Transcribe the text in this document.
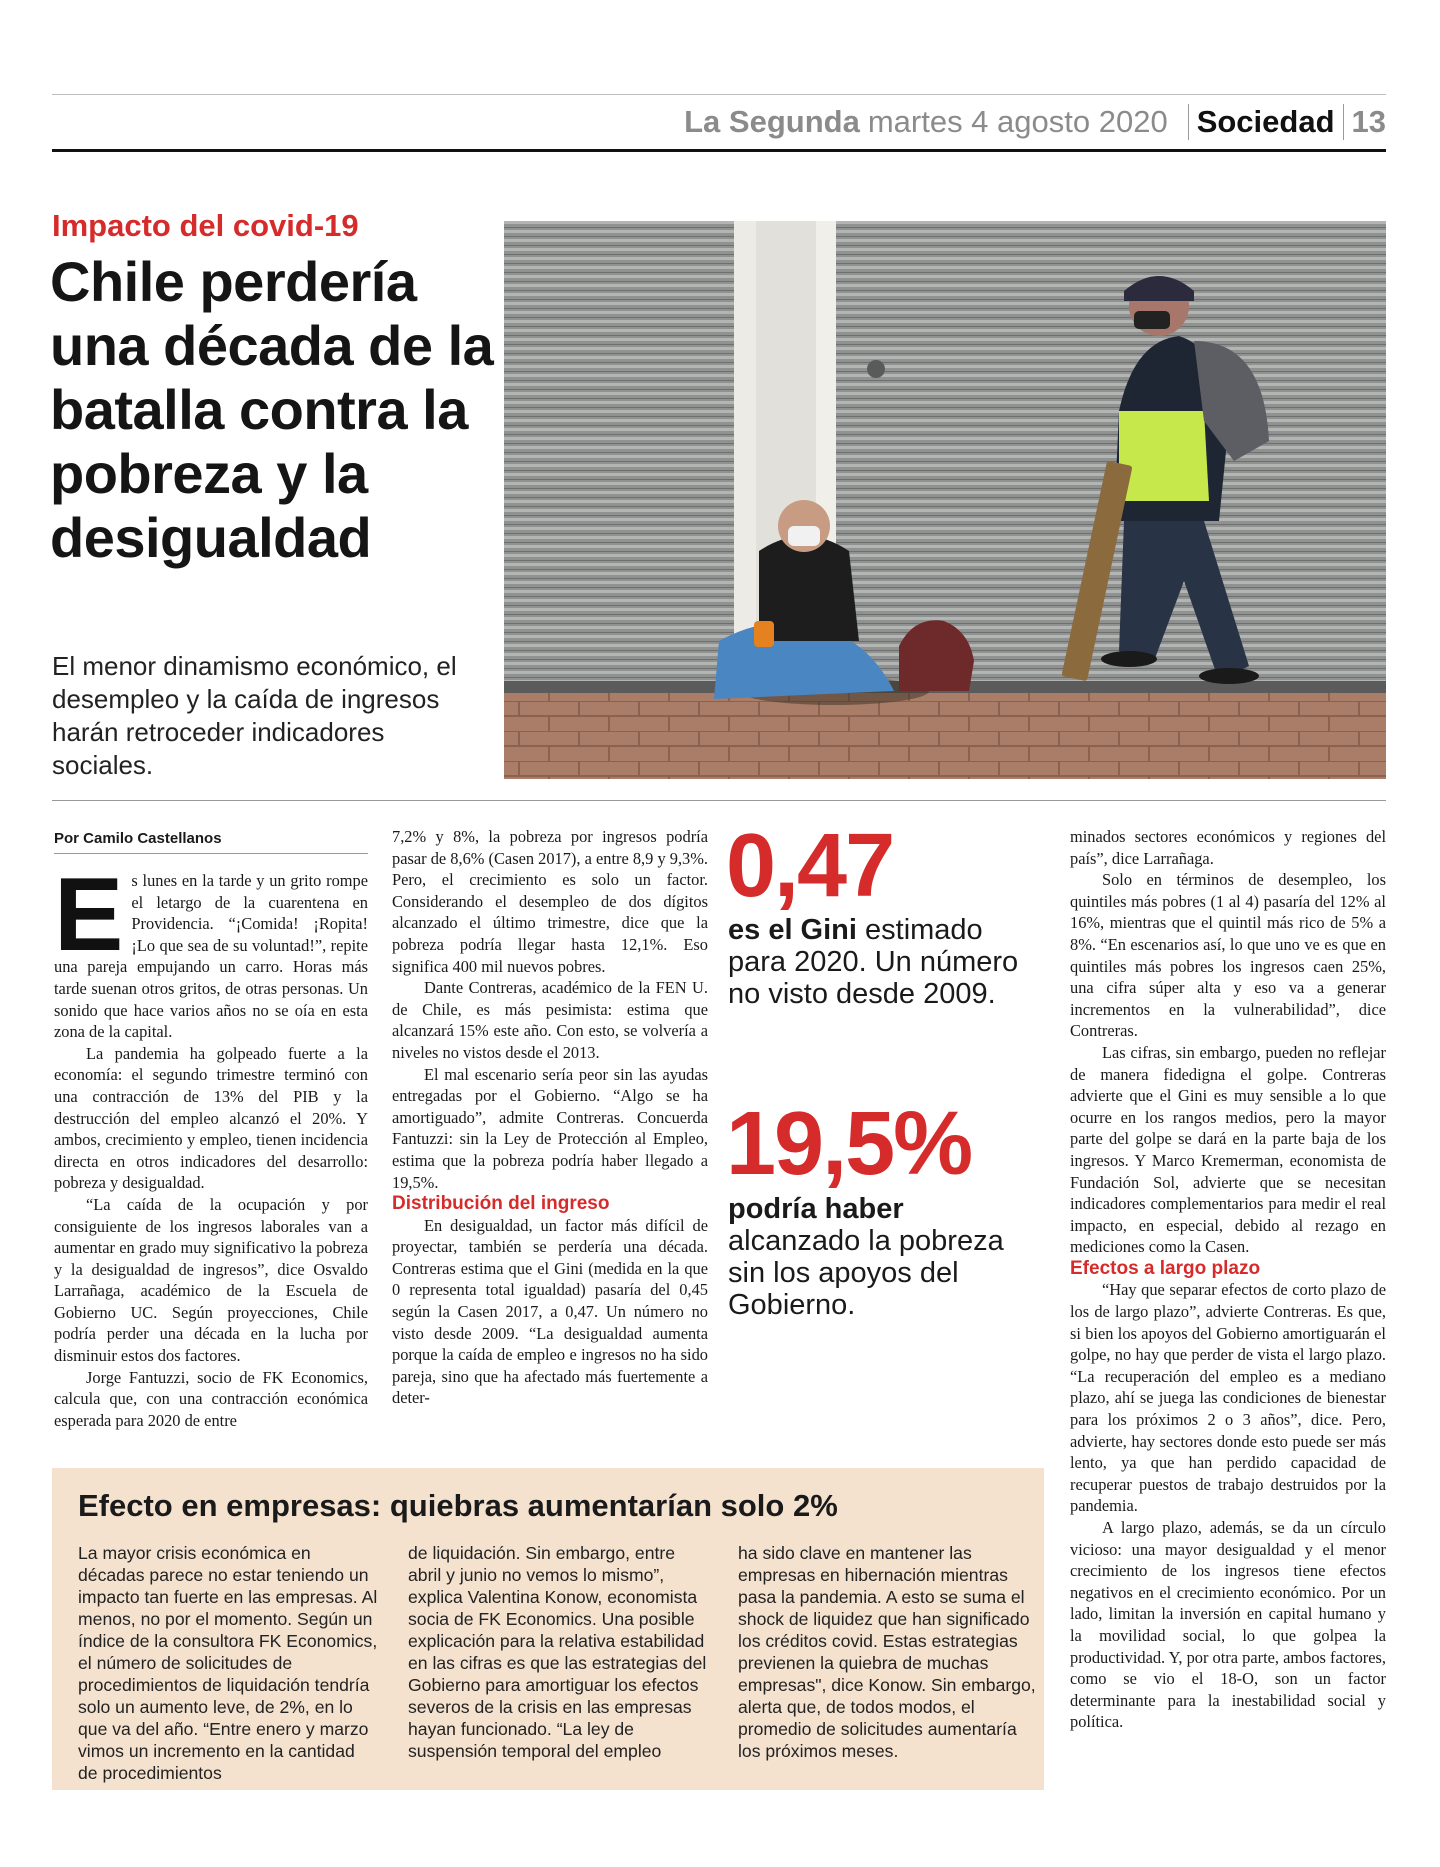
La Segunda martes 4 agosto 2020 Sociedad 13
Impacto del covid-19
Chile perdería una década de la batalla contra la pobreza y la desigualdad
El menor dinamismo económico, el desempleo y la caída de ingresos harán retroceder indicadores sociales.
Por Camilo Castellanos
E s lunes en la tarde y un grito rompe el letargo de la cuarentena en Providencia. “¡Comida! ¡Ropita! ¡Lo que sea de su voluntad!”, repite una pareja empujando un carro. Horas más tarde suenan otros gritos, de otras personas. Un sonido que hace varios años no se oía en esta zona de la capital.

La pandemia ha golpeado fuerte a la economía: el segundo trimestre terminó con una contracción de 13% del PIB y la destrucción del empleo alcanzó el 20%. Y ambos, crecimiento y empleo, tienen incidencia directa en otros indicadores del desarrollo: pobreza y desigualdad.

“La caída de la ocupación y por consiguiente de los ingresos laborales van a aumentar en grado muy significativo la pobreza y la desigualdad de ingresos”, dice Osvaldo Larrañaga, académico de la Escuela de Gobierno UC. Según proyecciones, Chile podría perder una década en la lucha por disminuir estos dos factores.

Jorge Fantuzzi, socio de FK Economics, calcula que, con una contracción económica esperada para 2020 de entre

7,2% y 8%, la pobreza por ingresos podría pasar de 8,6% (Casen 2017), a entre 8,9 y 9,3%. Pero, el crecimiento es solo un factor. Considerando el desempleo de dos dígitos alcanzado el último trimestre, dice que la pobreza podría llegar hasta 12,1%. Eso significa 400 mil nuevos pobres.

Dante Contreras, académico de la FEN U. de Chile, es más pesimista: estima que alcanzará 15% este año. Con esto, se volvería a niveles no vistos desde el 2013.

El mal escenario sería peor sin las ayudas entregadas por el Gobierno. “Algo se ha amortiguado”, admite Contreras. Concuerda Fantuzzi: sin la Ley de Protección al Empleo, estima que la pobreza podría haber llegado a 19,5%.

Distribución del ingreso

En desigualdad, un factor más difícil de proyectar, también se perdería una década. Contreras estima que el Gini (medida en la que 0 representa total igualdad) pasaría del 0,45 según la Casen 2017, a 0,47. Un número no visto desde 2009. “La desigualdad aumenta porque la caída de empleo e ingresos no ha sido pareja, sino que ha afectado más fuertemente a deter-

0,47
es el Gini estimado para 2020. Un número no visto desde 2009.
19,5%
podría haber alcanzado la pobreza sin los apoyos del Gobierno.

minados sectores económicos y regiones del país”, dice Larrañaga.

Solo en términos de desempleo, los quintiles más pobres (1 al 4) pasaría del 12% al 16%, mientras que el quintil más rico de 5% a 8%. “En escenarios así, lo que uno ve es que en quintiles más pobres los ingresos caen 25%, una cifra súper alta y eso va a generar incrementos en la vulnerabilidad”, dice Contreras.

Las cifras, sin embargo, pueden no reflejar de manera fidedigna el golpe. Contreras advierte que el Gini es muy sensible a lo que ocurre en los rangos medios, pero la mayor parte del golpe se dará en la parte baja de los ingresos. Y Marco Kremerman, economista de Fundación Sol, advierte que se necesitan indicadores complementarios para medir el real impacto, en especial, debido al rezago en mediciones como la Casen.

Efectos a largo plazo

“Hay que separar efectos de corto plazo de los de largo plazo”, advierte Contreras. Es que, si bien los apoyos del Gobierno amortiguarán el golpe, no hay que perder de vista el largo plazo. “La recuperación del empleo es a mediano plazo, ahí se juega las condiciones de bienestar para los próximos 2 o 3 años”, dice. Pero, advierte, hay sectores donde esto puede ser más lento, ya que han perdido capacidad de recuperar puestos de trabajo destruidos por la pandemia.

A largo plazo, además, se da un círculo vicioso: una mayor desigualdad y el menor crecimiento de los ingresos tiene efectos negativos en el crecimiento económico. Por un lado, limitan la inversión en capital humano y la movilidad social, lo que golpea la productividad. Y, por otra parte, ambos factores, como se vio el 18-O, son un factor determinante para la inestabilidad social y política.

Efecto en empresas: quiebras aumentarían solo 2%
La mayor crisis económica en décadas parece no estar teniendo un impacto tan fuerte en las empresas. Al menos, no por el momento. Según un índice de la consultora FK Economics, el número de solicitudes de procedimientos de liquidación tendría solo un aumento leve, de 2%, en lo que va del año. “Entre enero y marzo vimos un incremento en la cantidad de procedimientos
de liquidación. Sin embargo, entre abril y junio no vemos lo mismo”, explica Valentina Konow, economista socia de FK Economics. Una posible explicación para la relativa estabilidad en las cifras es que las estrategias del Gobierno para amortiguar los efectos severos de la crisis en las empresas hayan funcionado. “La ley de suspensión temporal del empleo
ha sido clave en mantener las empresas en hibernación mientras pasa la pandemia. A esto se suma el shock de liquidez que han significado los créditos covid. Estas estrategias previenen la quiebra de muchas empresas", dice Konow. Sin embargo, alerta que, de todos modos, el promedio de solicitudes aumentaría los próximos meses.
